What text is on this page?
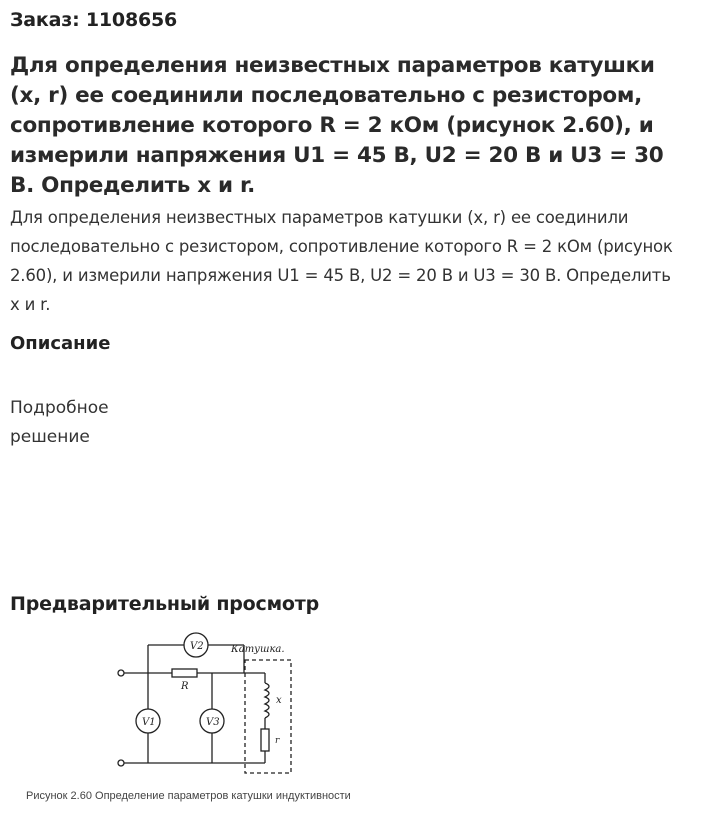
Заказ: 1108656
Для определения неизвестных параметров катушки (x, r) ее соединили последовательно с резистором, сопротивление которого R = 2 кОм (рисунок 2.60), и измерили напряжения U1 = 45 В, U2 = 20 В и U3 = 30 В. Определить x и r.
Для определения неизвестных параметров катушки (x, r) ее соединили последовательно с резистором, сопротивление которого R = 2 кОм (рисунок 2.60), и измерили напряжения U1 = 45 В, U2 = 20 В и U3 = 30 В. Определить x и r.
Описание
Подробное
решение
Предварительный просмотр
V2
V1	V3
R
x
r
Катушка.
Рисунок 2.60 Определение параметров катушки индуктивности
